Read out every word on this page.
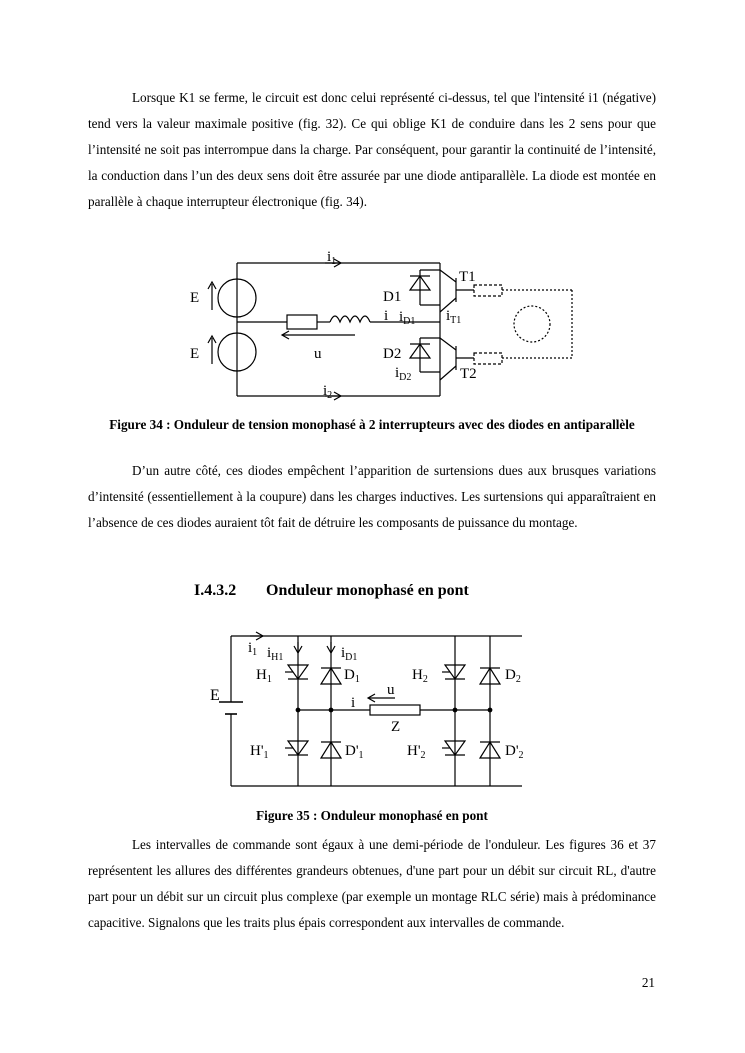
Lorsque K1 se ferme, le circuit est donc celui représenté ci-dessus, tel que l'intensité i1 (négative) tend vers la valeur maximale positive (fig. 32). Ce qui oblige K1 de conduire dans les 2 sens pour que l’intensité ne soit pas interrompue dans la charge. Par conséquent, pour garantir la continuité de l’intensité, la conduction dans l’un des deux sens doit être assurée par une diode antiparallèle. La diode est montée en parallèle à chaque interrupteur électronique (fig. 34).

E
E
$i_1$
$i_2$
D1
D2
T1
T2
i $i_{D1}$ $i_{T1}$
$i_{D2}$
u

Figure 34 : Onduleur de tension monophasé à 2 interrupteurs avec des diodes en antiparallèle

D’un autre côté, ces diodes empêchent l’apparition de surtensions dues aux brusques variations d’intensité (essentiellement à la coupure) dans les charges inductives. Les surtensions qui apparaîtraient en l’absence de ces diodes auraient tôt fait de détruire les composants de puissance du montage.

I.4.3.2 Onduleur monophasé en pont

$i_1$ $i_{H1}$	$i_{D1}$
$H_1$	$D_1$	$H_2$	$D_2$
E	u
i
Z
$H'_1$	$D'_1$	$H'_2$	$D'_2$

Figure 35 : Onduleur monophasé en pont

Les intervalles de commande sont égaux à une demi-période de l'onduleur. Les figures 36 et 37 représentent les allures des différentes grandeurs obtenues, d'une part pour un débit sur circuit RL, d'autre part pour un débit sur un circuit plus complexe (par exemple un montage RLC série) mais à prédominance capacitive. Signalons que les traits plus épais correspondent aux intervalles de commande.

21
